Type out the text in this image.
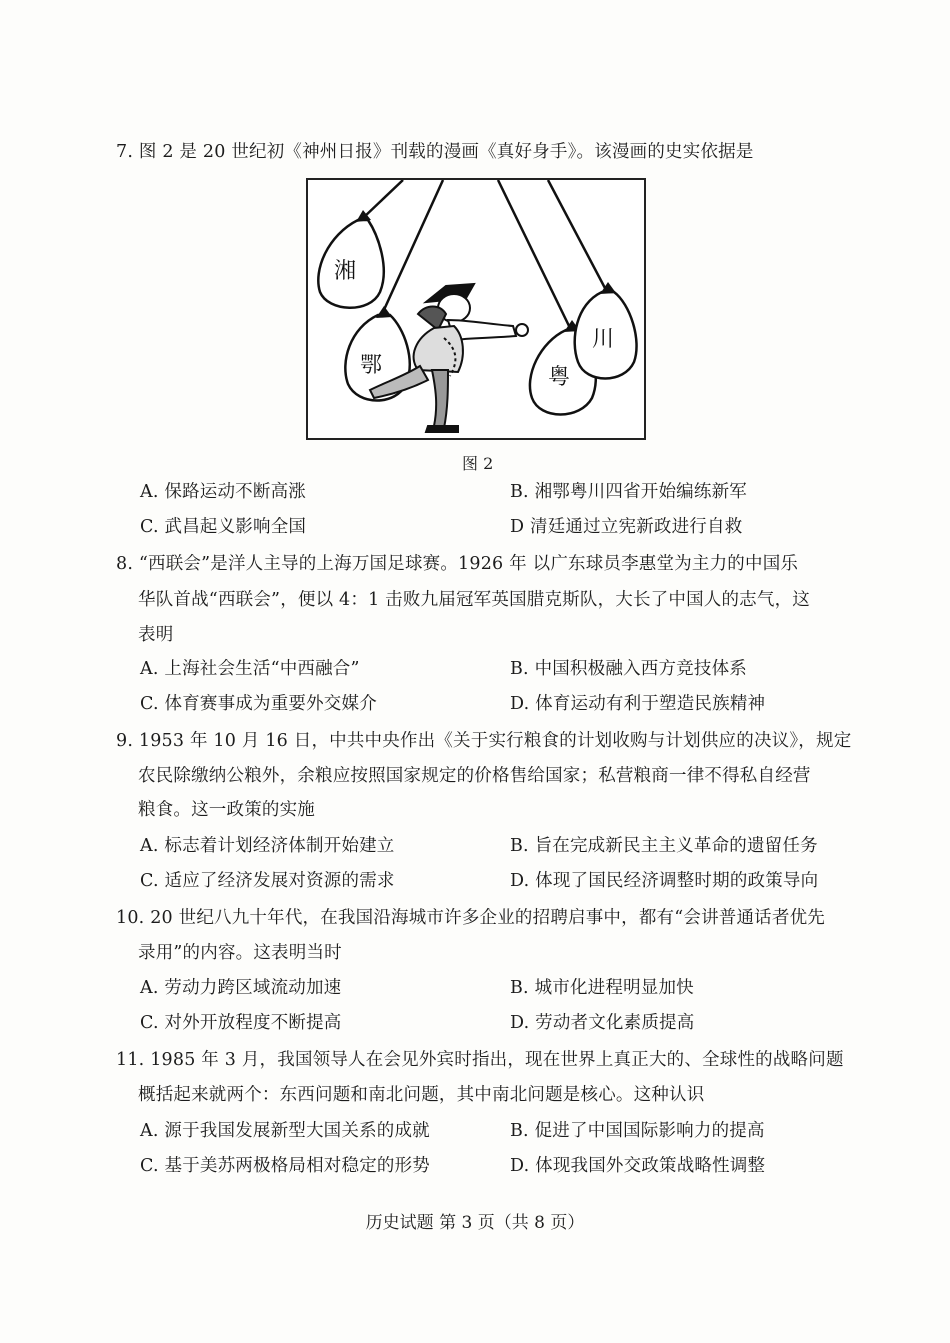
7. 图 2 是 20 世纪初《神州日报》刊载的漫画《真好身手》。该漫画的史实依据是
湘
鄂	粤
川
图 2
A. 保路运动不断高涨	B. 湘鄂粤川四省开始编练新军
C. 武昌起义影响全国	D 清廷通过立宪新政进行自救
8. “西联会”是洋人主导的上海万国足球赛。1926 年 以广东球员李惠堂为主力的中国乐
华队首战“西联会”，便以 4：1 击败九届冠军英国腊克斯队，大长了中国人的志气，这
表明
A. 上海社会生活“中西融合”	B. 中国积极融入西方竞技体系
C. 体育赛事成为重要外交媒介	D. 体育运动有利于塑造民族精神
9. 1953 年 10 月 16 日，中共中央作出《关于实行粮食的计划收购与计划供应的决议》，规定
农民除缴纳公粮外，余粮应按照国家规定的价格售给国家；私营粮商一律不得私自经营
粮食。这一政策的实施
A. 标志着计划经济体制开始建立	B. 旨在完成新民主主义革命的遗留任务
C. 适应了经济发展对资源的需求	D. 体现了国民经济调整时期的政策导向
10. 20 世纪八九十年代，在我国沿海城市许多企业的招聘启事中，都有“会讲普通话者优先
录用”的内容。这表明当时
A. 劳动力跨区域流动加速	B. 城市化进程明显加快
C. 对外开放程度不断提高	D. 劳动者文化素质提高
11. 1985 年 3 月，我国领导人在会见外宾时指出，现在世界上真正大的、全球性的战略问题
概括起来就两个：东西问题和南北问题，其中南北问题是核心。这种认识
A. 源于我国发展新型大国关系的成就	B. 促进了中国国际影响力的提高
C. 基于美苏两极格局相对稳定的形势	D. 体现我国外交政策战略性调整
历史试题 第 3 页（共 8 页）
